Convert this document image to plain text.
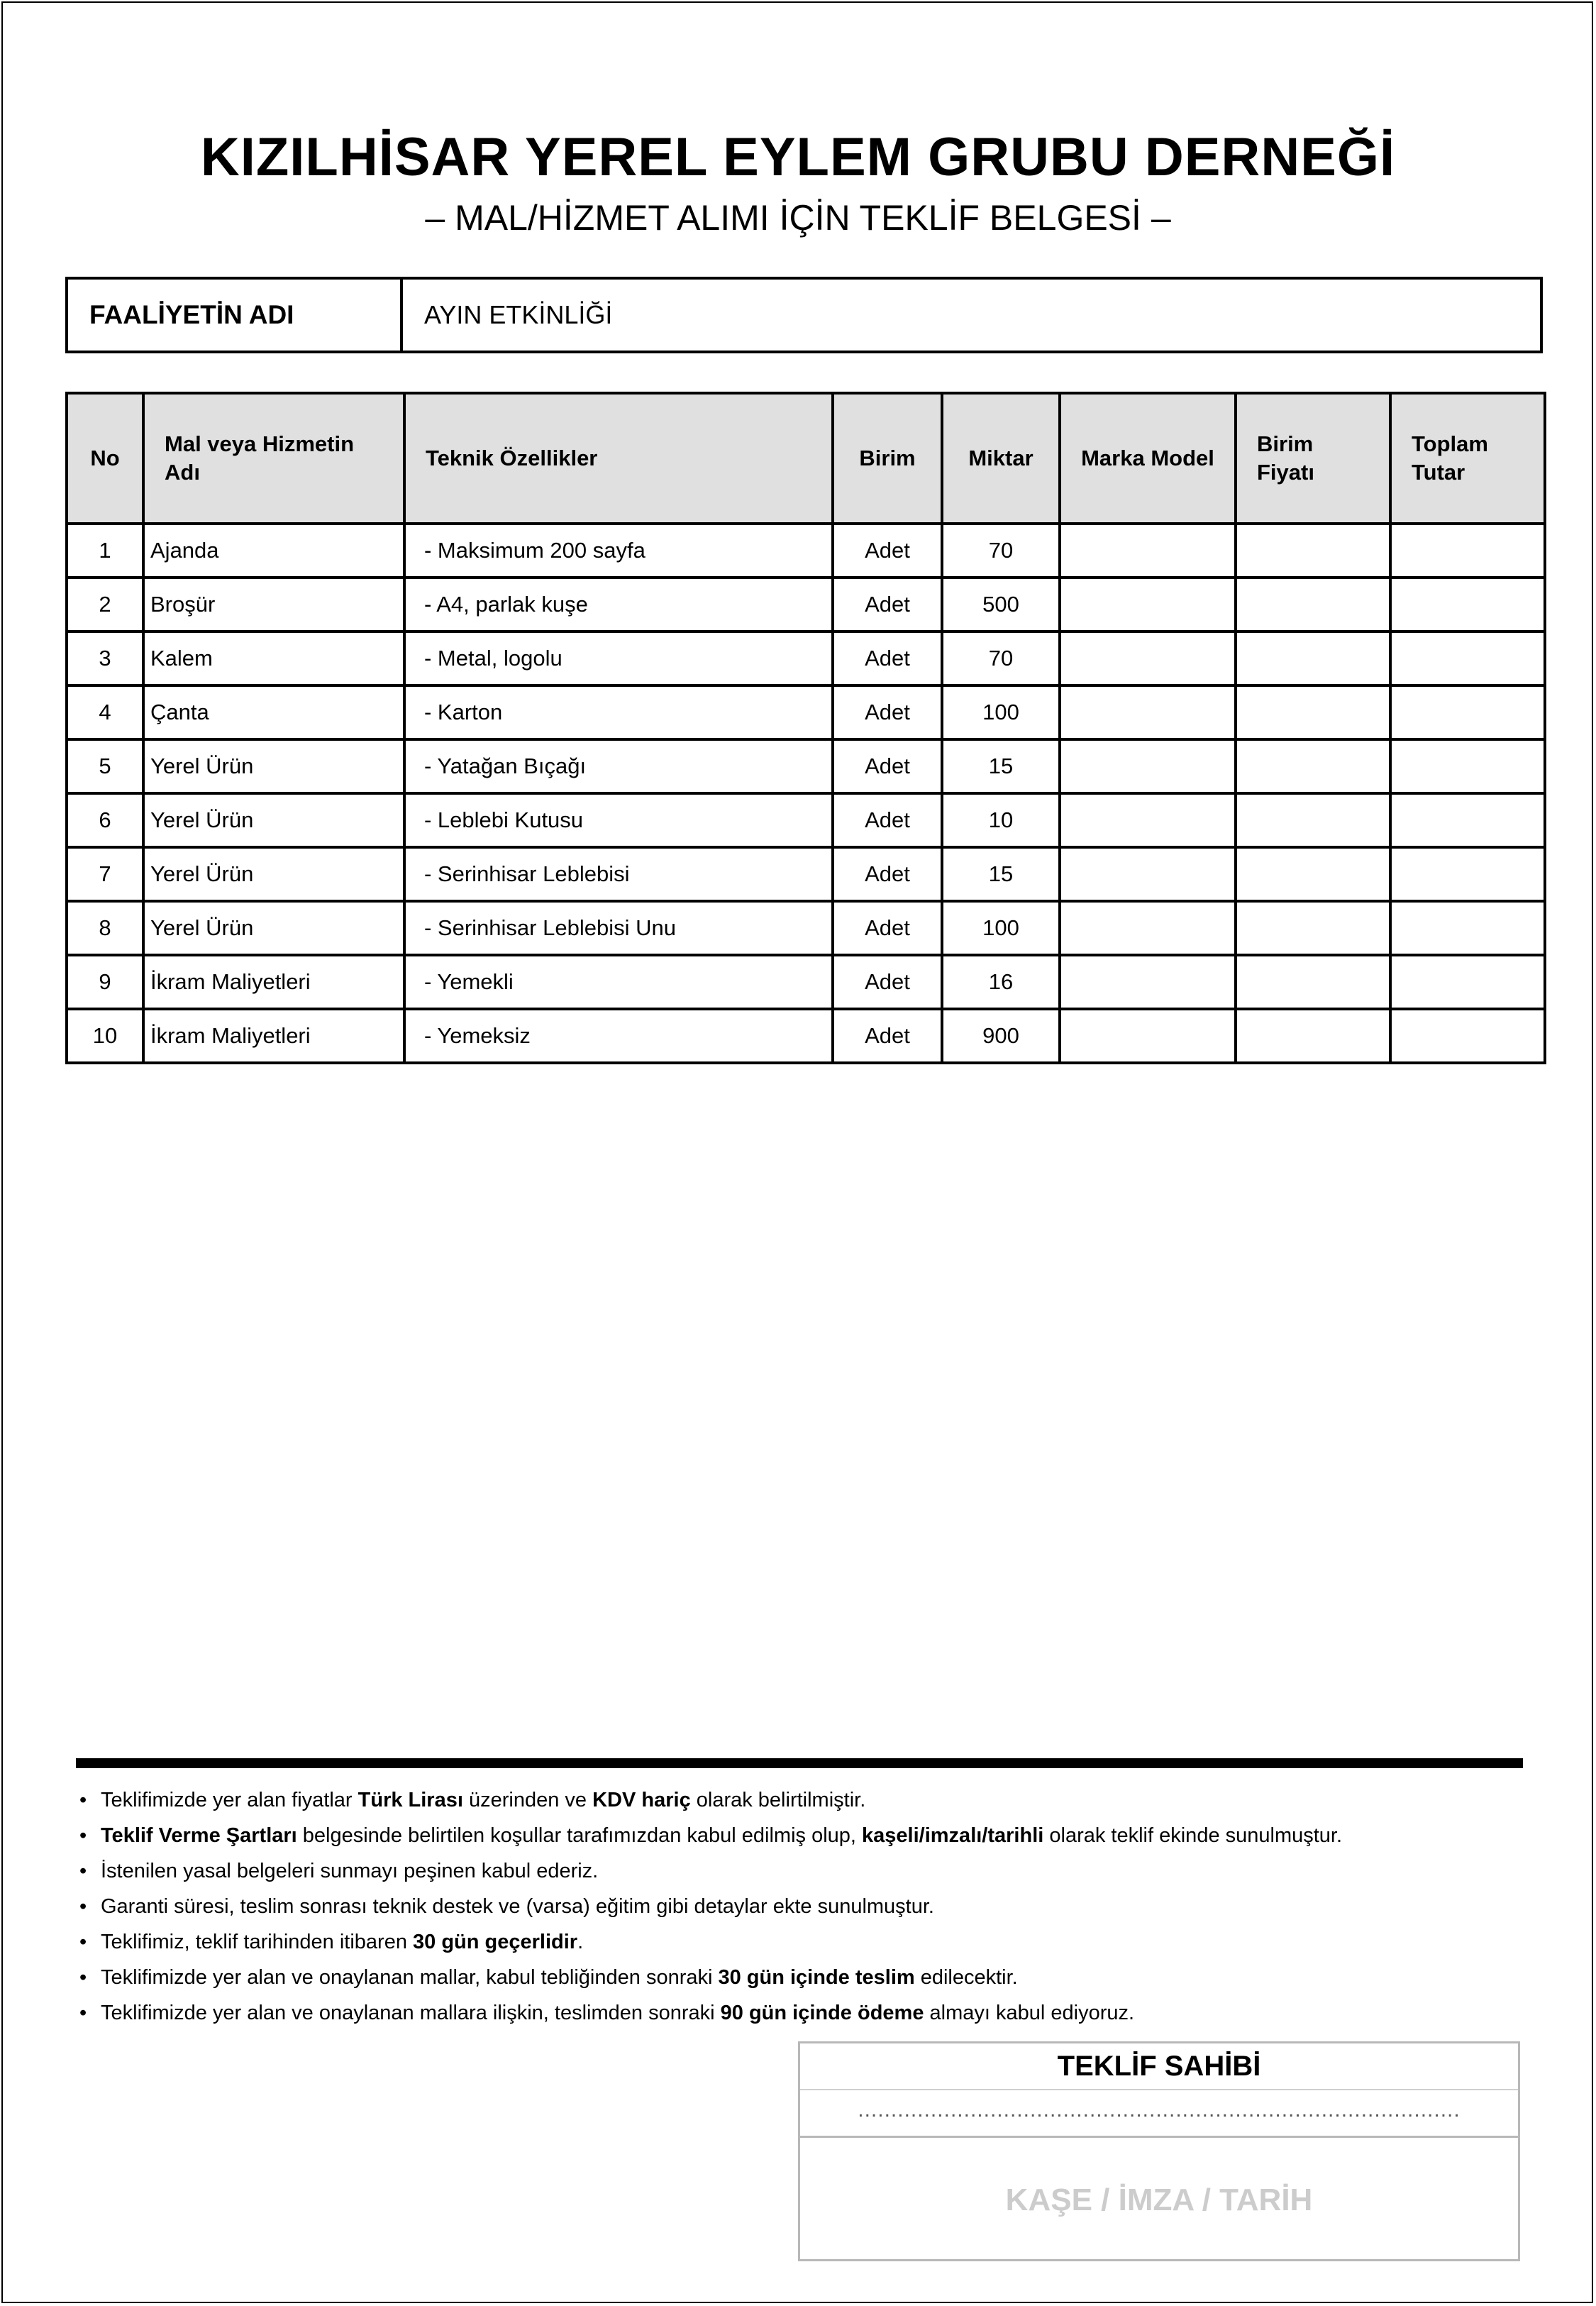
KIZILHİSAR YEREL EYLEM GRUBU DERNEĞİ
– MAL/HİZMET ALIMI İÇİN TEKLİF BELGESİ –
FAALİYETİN ADI	AYIN ETKİNLİĞİ
No	Mal veya Hizmetin Adı	Teknik Özellikler	Birim	Miktar	Marka Model	Birim Fiyatı	Toplam Tutar
1	Ajanda	- Maksimum 200 sayfa	Adet	70			
2	Broşür	- A4, parlak kuşe	Adet	500			
3	Kalem	- Metal, logolu	Adet	70			
4	Çanta	- Karton	Adet	100			
5	Yerel Ürün	- Yatağan Bıçağı	Adet	15			
6	Yerel Ürün	- Leblebi Kutusu	Adet	10			
7	Yerel Ürün	- Serinhisar Leblebisi	Adet	15			
8	Yerel Ürün	- Serinhisar Leblebisi Unu	Adet	100			
9	İkram Maliyetleri	- Yemekli	Adet	16			
10	İkram Maliyetleri	- Yemeksiz	Adet	900			
• Teklifimizde yer alan fiyatlar Türk Lirası üzerinden ve KDV hariç olarak belirtilmiştir.
• Teklif Verme Şartları belgesinde belirtilen koşullar tarafımızdan kabul edilmiş olup, kaşeli/imzalı/tarihli olarak teklif ekinde sunulmuştur.
• İstenilen yasal belgeleri sunmayı peşinen kabul ederiz.
• Garanti süresi, teslim sonrası teknik destek ve (varsa) eğitim gibi detaylar ekte sunulmuştur.
• Teklifimiz, teklif tarihinden itibaren 30 gün geçerlidir.
• Teklifimizde yer alan ve onaylanan mallar, kabul tebliğinden sonraki 30 gün içinde teslim edilecektir.
• Teklifimizde yer alan ve onaylanan mallara ilişkin, teslimden sonraki 90 gün içinde ödeme almayı kabul ediyoruz.
TEKLİF SAHİBİ
...........................................................................................
KAŞE / İMZA / TARİH
